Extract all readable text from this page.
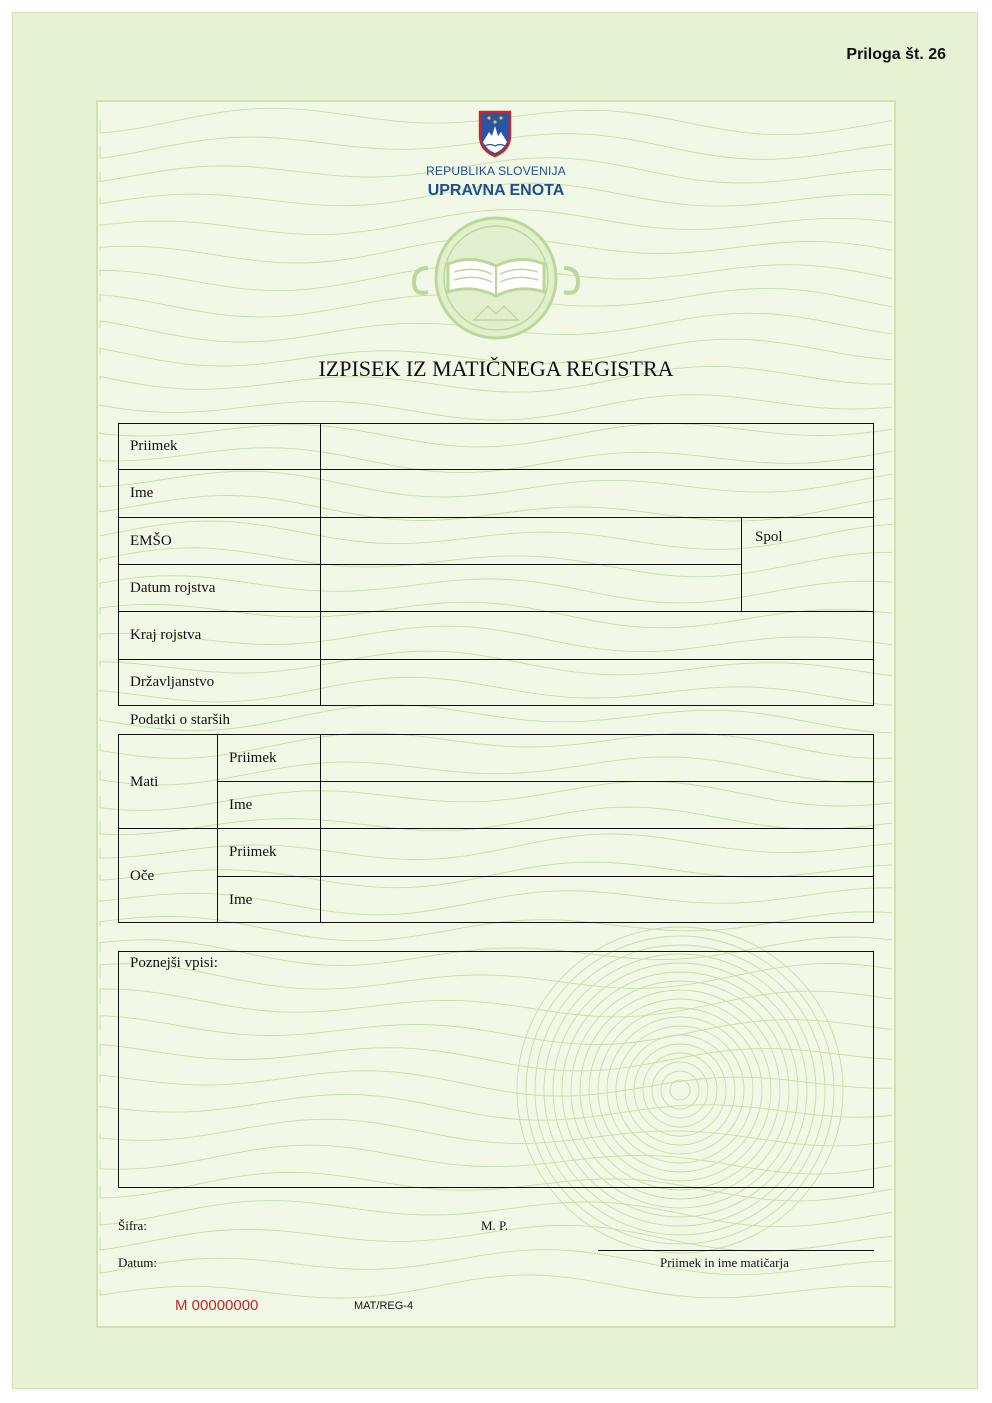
Priloga št. 26
REPUBLIKA SLOVENIJA
UPRAVNA ENOTA
IZPISEK IZ MATIČNEGA REGISTRA
Priimek
Ime
EMŠO	Spol
Datum rojstva
Kraj rojstva
Državljanstvo
Podatki o starših
Mati
Priimek
Ime
Oče
Priimek
Ime
Poznejši vpisi:
Šifra:	M. P.
Datum:	Priimek in ime matičarja
M 00000000	MAT/REG-4
